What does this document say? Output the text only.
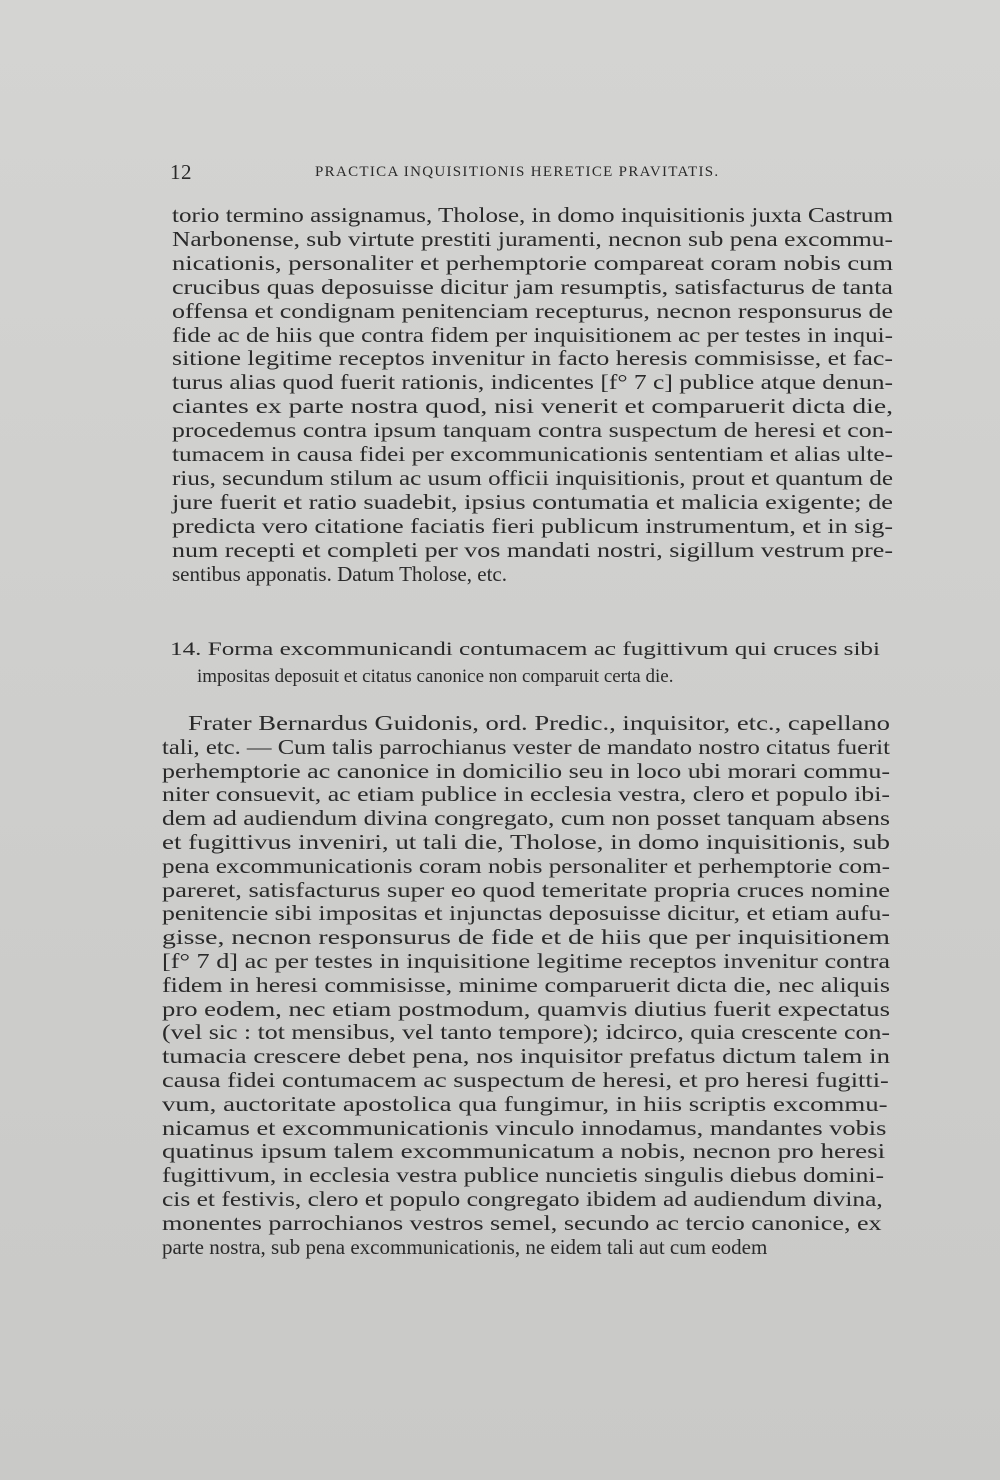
12	PRACTICA INQUISITIONIS HERETICE PRAVITATIS.
torio termino assignamus, Tholose, in domo inquisitionis juxta Castrum
Narbonense, sub virtute prestiti juramenti, necnon sub pena excommu-
nicationis, personaliter et perhemptorie compareat coram nobis cum
crucibus quas deposuisse dicitur jam resumptis, satisfacturus de tanta
offensa et condignam penitenciam recepturus, necnon responsurus de
fide ac de hiis que contra fidem per inquisitionem ac per testes in inqui-
sitione legitime receptos invenitur in facto heresis commisisse, et fac-
turus alias quod fuerit rationis, indicentes [f° 7 c] publice atque denun-
ciantes ex parte nostra quod, nisi venerit et comparuerit dicta die,
procedemus contra ipsum tanquam contra suspectum de heresi et con-
tumacem in causa fidei per excommunicationis sententiam et alias ulte-
rius, secundum stilum ac usum officii inquisitionis, prout et quantum de
jure fuerit et ratio suadebit, ipsius contumatia et malicia exigente; de
predicta vero citatione faciatis fieri publicum instrumentum, et in sig-
num recepti et completi per vos mandati nostri, sigillum vestrum pre-
sentibus apponatis. Datum Tholose, etc.
14. Forma excommunicandi contumacem ac fugittivum qui cruces sibi
impositas deposuit et citatus canonice non comparuit certa die.
Frater Bernardus Guidonis, ord. Predic., inquisitor, etc., capellano
tali, etc. — Cum talis parrochianus vester de mandato nostro citatus fuerit
perhemptorie ac canonice in domicilio seu in loco ubi morari commu-
niter consuevit, ac etiam publice in ecclesia vestra, clero et populo ibi-
dem ad audiendum divina congregato, cum non posset tanquam absens
et fugittivus inveniri, ut tali die, Tholose, in domo inquisitionis, sub
pena excommunicationis coram nobis personaliter et perhemptorie com-
pareret, satisfacturus super eo quod temeritate propria cruces nomine
penitencie sibi impositas et injunctas deposuisse dicitur, et etiam aufu-
gisse, necnon responsurus de fide et de hiis que per inquisitionem
[f° 7 d] ac per testes in inquisitione legitime receptos invenitur contra
fidem in heresi commisisse, minime comparuerit dicta die, nec aliquis
pro eodem, nec etiam postmodum, quamvis diutius fuerit expectatus
(vel sic : tot mensibus, vel tanto tempore); idcirco, quia crescente con-
tumacia crescere debet pena, nos inquisitor prefatus dictum talem in
causa fidei contumacem ac suspectum de heresi, et pro heresi fugitti-
vum, auctoritate apostolica qua fungimur, in hiis scriptis excommu-
nicamus et excommunicationis vinculo innodamus, mandantes vobis
quatinus ipsum talem excommunicatum a nobis, necnon pro heresi
fugittivum, in ecclesia vestra publice nuncietis singulis diebus domini-
cis et festivis, clero et populo congregato ibidem ad audiendum divina,
monentes parrochianos vestros semel, secundo ac tercio canonice, ex
parte nostra, sub pena excommunicationis, ne eidem tali aut cum eodem
